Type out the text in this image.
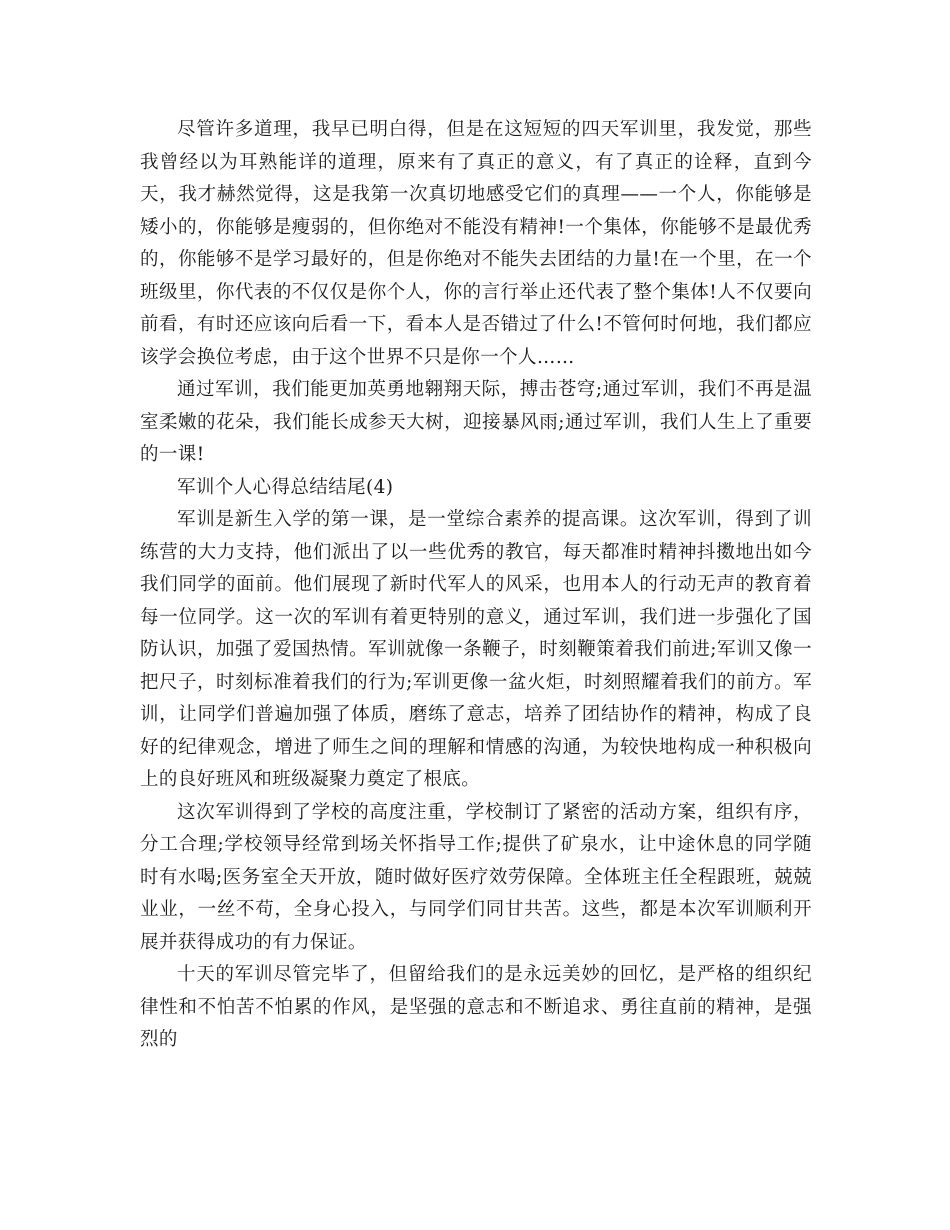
尽管许多道理，我早已明白得，但是在这短短的四天军训里，我发觉，那些我曾经以为耳熟能详的道理，原来有了真正的意义，有了真正的诠释，直到今天，我才赫然觉得，这是我第一次真切地感受它们的真理——一个人，你能够是矮小的，你能够是瘦弱的，但你绝对不能没有精神!一个集体，你能够不是最优秀的，你能够不是学习最好的，但是你绝对不能失去团结的力量!在一个里，在一个班级里，你代表的不仅仅是你个人，你的言行举止还代表了整个集体!人不仅要向前看，有时还应该向后看一下，看本人是否错过了什么!不管何时何地，我们都应该学会换位考虑，由于这个世界不只是你一个人……

通过军训，我们能更加英勇地翱翔天际，搏击苍穹;通过军训，我们不再是温室柔嫩的花朵，我们能长成参天大树，迎接暴风雨;通过军训，我们人生上了重要的一课!

军训个人心得总结结尾(4)

军训是新生入学的第一课，是一堂综合素养的提高课。这次军训，得到了训练营的大力支持，他们派出了以一些优秀的教官，每天都准时精神抖擞地出如今我们同学的面前。他们展现了新时代军人的风采，也用本人的行动无声的教育着每一位同学。这一次的军训有着更特别的意义，通过军训，我们进一步强化了国防认识，加强了爱国热情。军训就像一条鞭子，时刻鞭策着我们前进;军训又像一把尺子，时刻标准着我们的行为;军训更像一盆火炬，时刻照耀着我们的前方。军训，让同学们普遍加强了体质，磨练了意志，培养了团结协作的精神，构成了良好的纪律观念，增进了师生之间的理解和情感的沟通，为较快地构成一种积极向上的良好班风和班级凝聚力奠定了根底。

这次军训得到了学校的高度注重，学校制订了紧密的活动方案，组织有序，分工合理;学校领导经常到场关怀指导工作;提供了矿泉水，让中途休息的同学随时有水喝;医务室全天开放，随时做好医疗效劳保障。全体班主任全程跟班，兢兢业业，一丝不苟，全身心投入，与同学们同甘共苦。这些，都是本次军训顺利开展并获得成功的有力保证。

十天的军训尽管完毕了，但留给我们的是永远美妙的回忆，是严格的组织纪律性和不怕苦不怕累的作风，是坚强的意志和不断追求、勇往直前的精神，是强烈的
